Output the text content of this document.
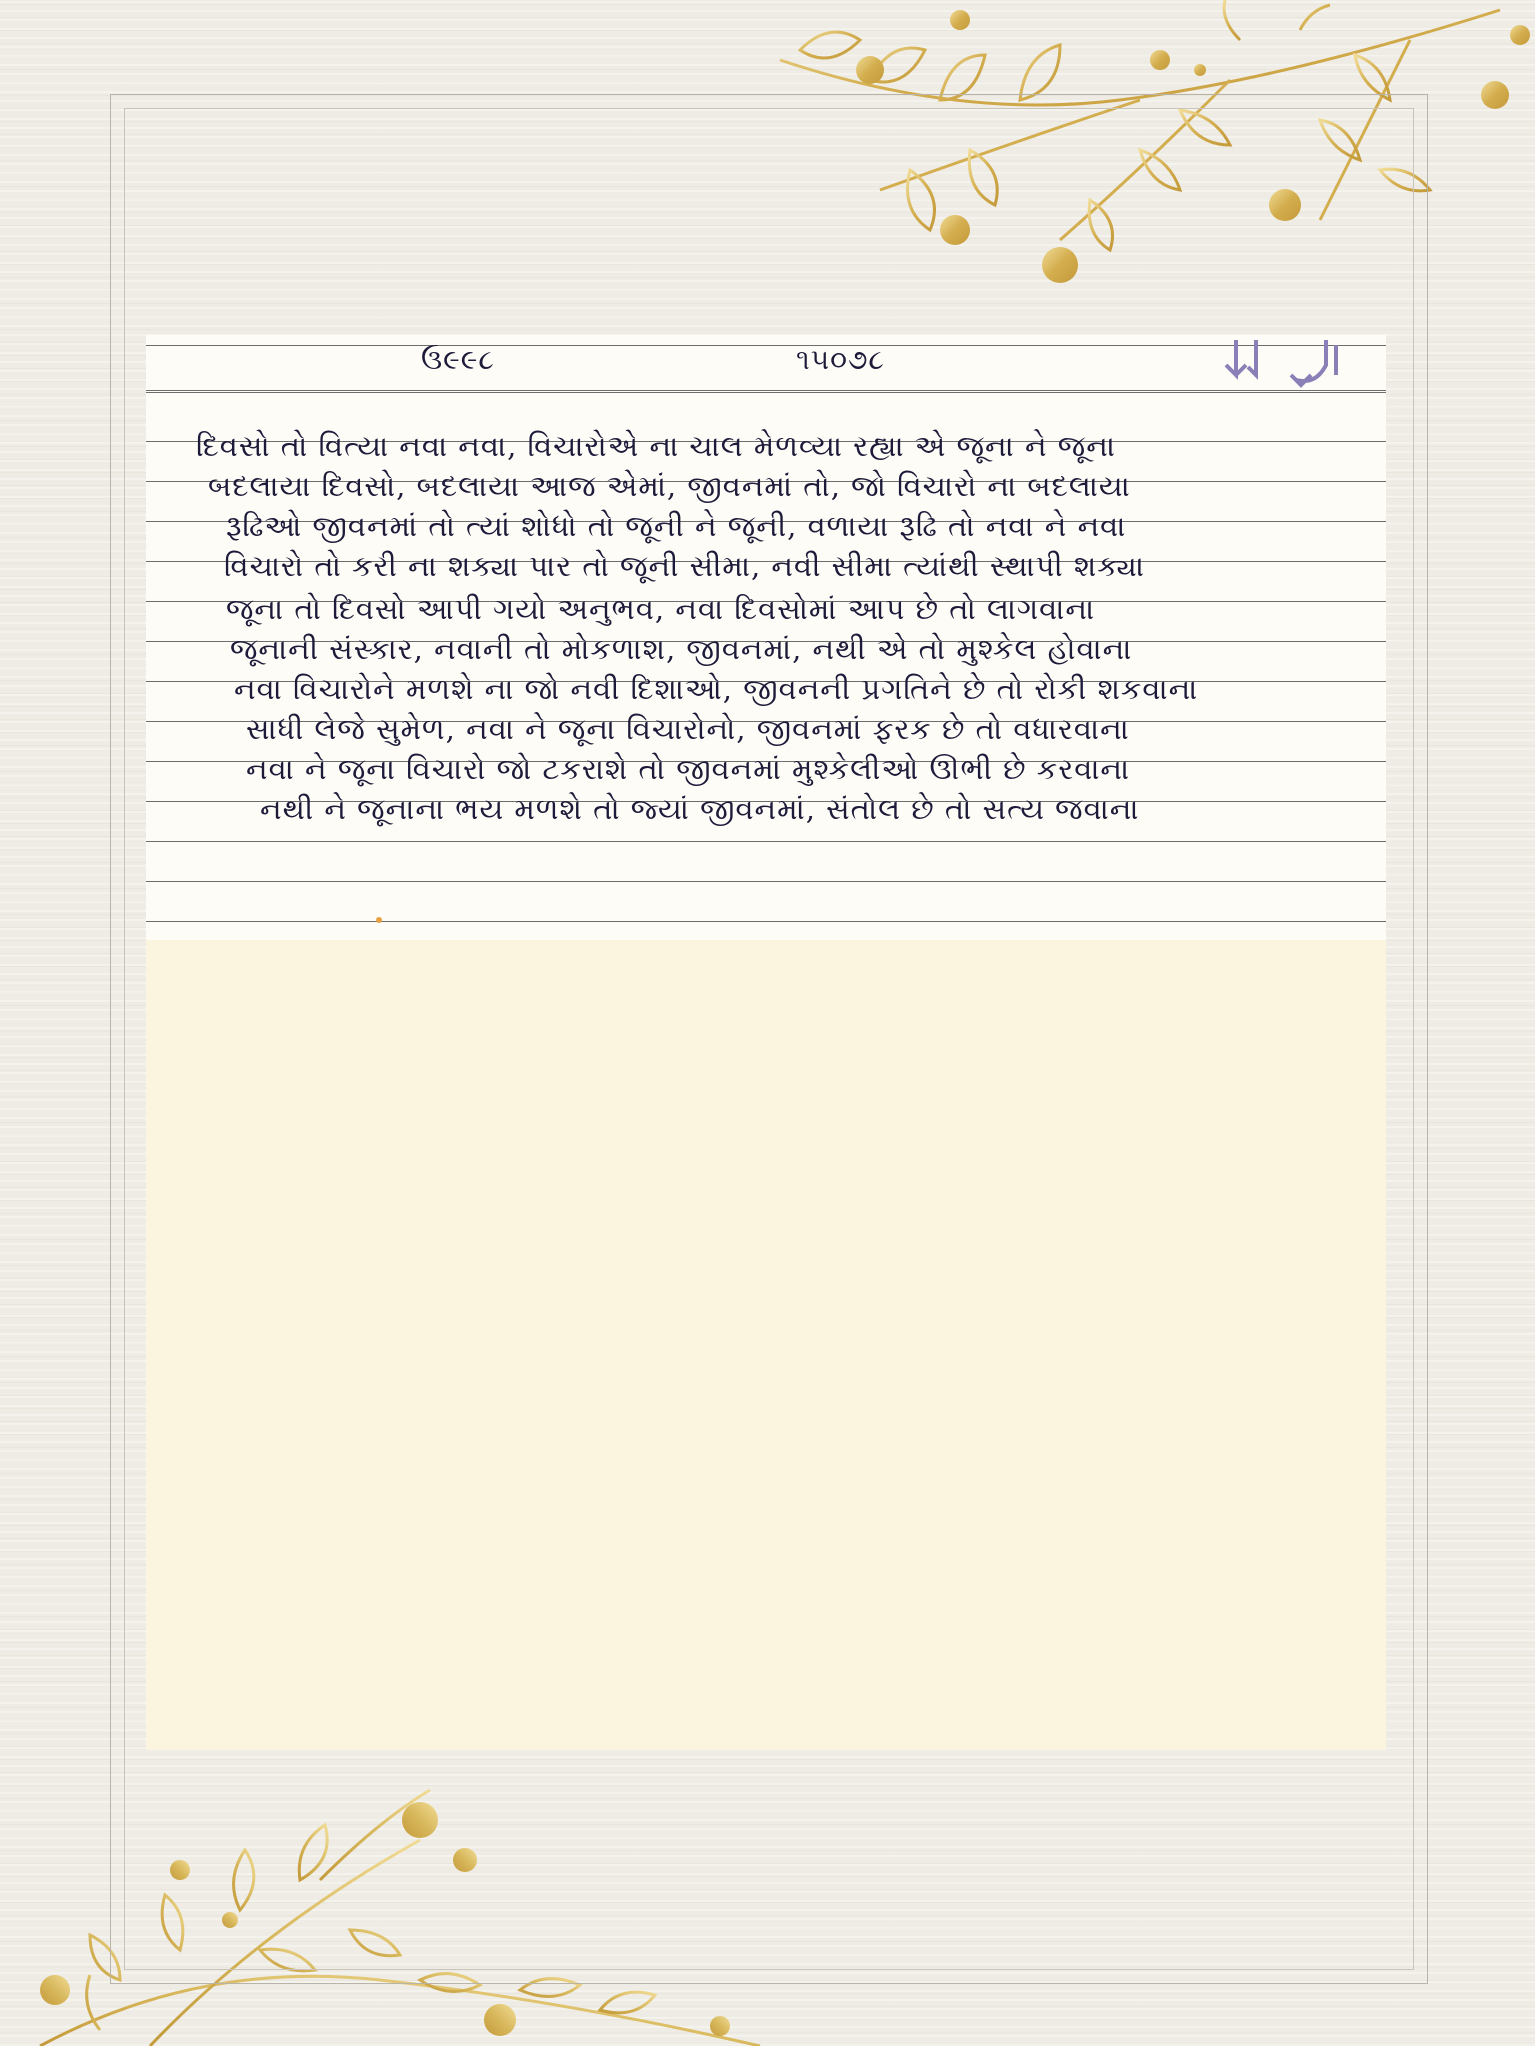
ઉ૯૯૮	૧૫૦૭૮
દિવસો તો વિત્યા નવા નવા, વિચારોએ ના ચાલ મેળવ્યા રહ્યા એ જૂના ને જૂના
બદલાયા દિવસો, બદલાયા આજ એમાં, જીવનમાં તો, જો વિચારો ના બદલાયા
રૂઢિઓ જીવનમાં તો ત્યાં શોધો તો જૂની ને જૂની, વળાયા રૂઢિ તો નવા ને નવા
વિચારો તો કરી ના શક્યા પાર તો જૂની સીમા, નવી સીમા ત્યાંથી સ્થાપી શક્યા
જૂના તો દિવસો આપી ગયો અનુભવ, નવા દિવસોમાં આપ છે તો લાગવાના
જૂનાની સંસ્કાર, નવાની તો મોકળાશ, જીવનમાં, નથી એ તો મુશ્કેલ હોવાના
નવા વિચારોને મળશે ના જો નવી દિશાઓ, જીવનની પ્રગતિને છે તો રોકી શકવાના
સાધી લેજે સુમેળ, નવા ને જૂના વિચારોનો, જીવનમાં ફરક છે તો વધારવાના
નવા ને જૂના વિચારો જો ટકરાશે તો જીવનમાં મુશ્કેલીઓ ઊભી છે કરવાના
નથી ને જૂનાના ભય મળશે તો જ્યાં જીવનમાં, સંતોલ છે તો સત્ય જવાના
